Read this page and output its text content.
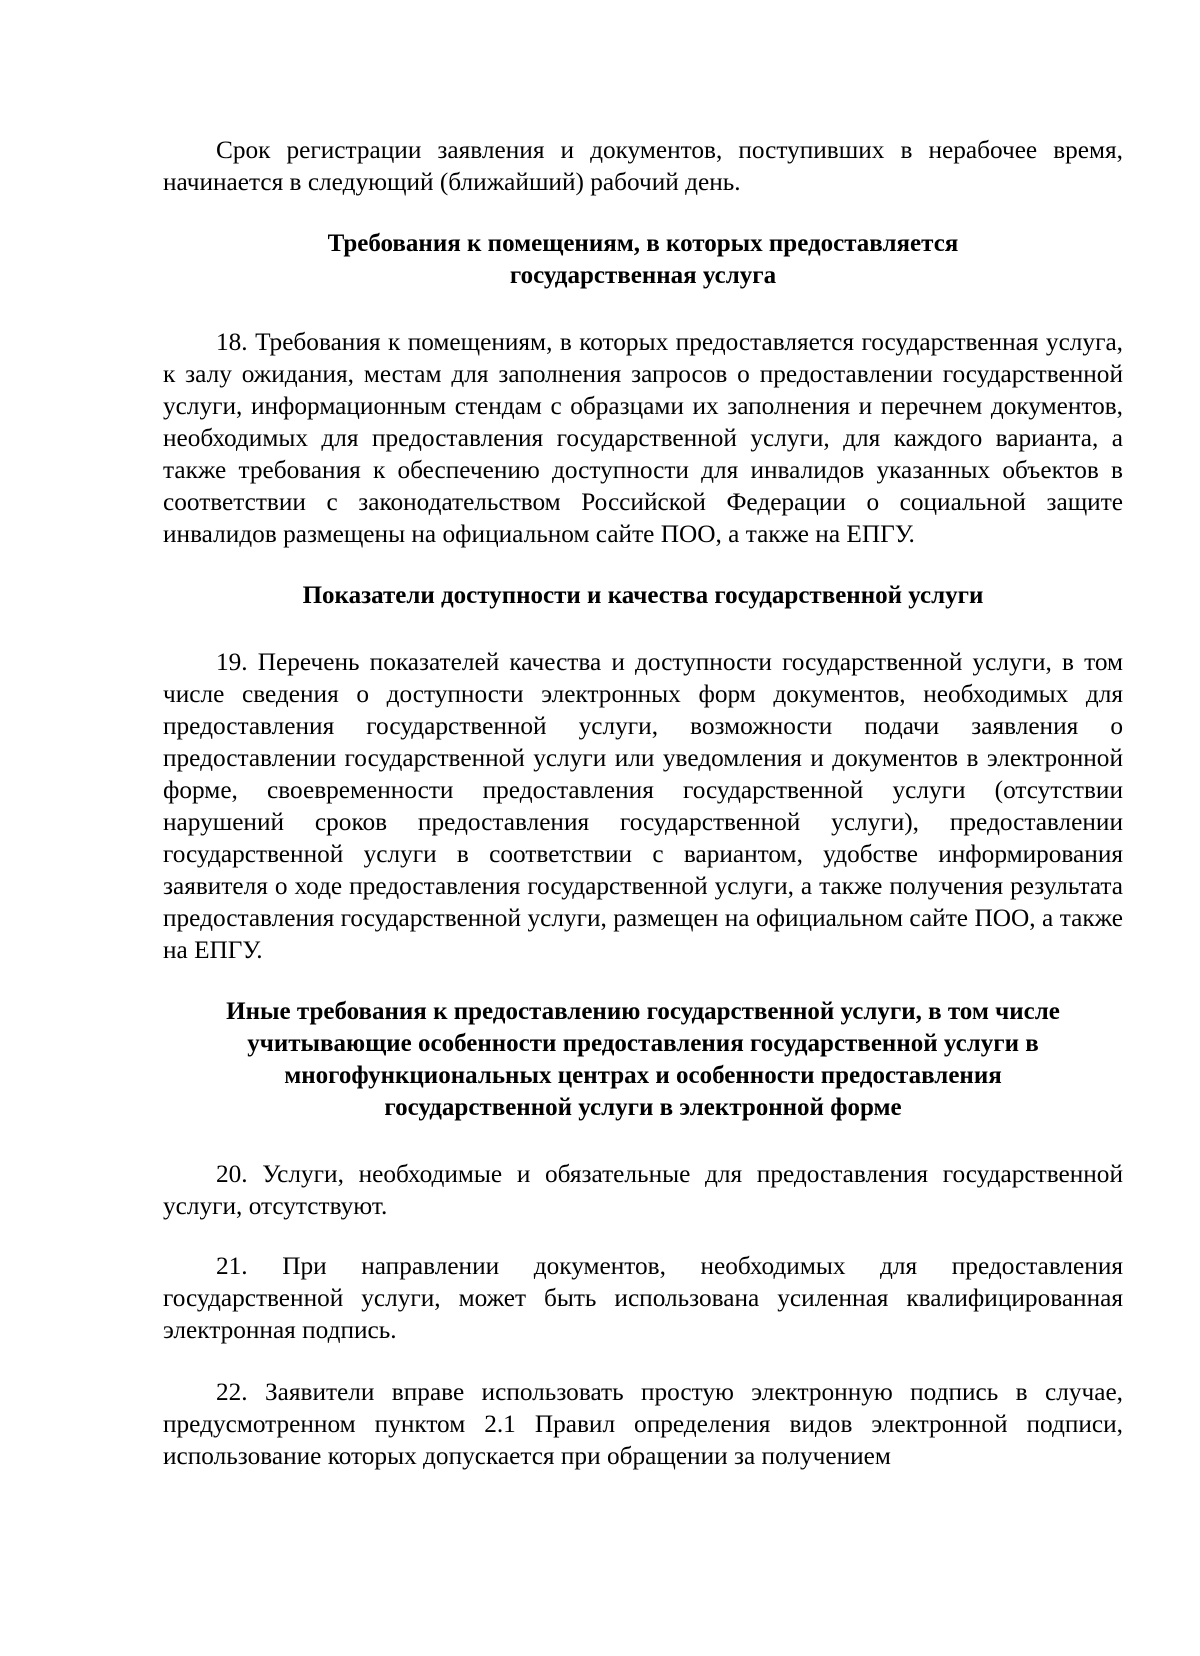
Срок регистрации заявления и документов, поступивших в нерабочее время, начинается в следующий (ближайший) рабочий день.

Требования к помещениям, в которых предоставляется
государственная услуга

18. Требования к помещениям, в которых предоставляется государственная услуга, к залу ожидания, местам для заполнения запросов о предоставлении государственной услуги, информационным стендам с образцами их заполнения и перечнем документов, необходимых для предоставления государственной услуги, для каждого варианта, а также требования к обеспечению доступности для инвалидов указанных объектов в соответствии с законодательством Российской Федерации о социальной защите инвалидов размещены на официальном сайте ПОО, а также на ЕПГУ.

Показатели доступности и качества государственной услуги

19. Перечень показателей качества и доступности государственной услуги, в том числе сведения о доступности электронных форм документов, необходимых для предоставления государственной услуги, возможности подачи заявления о предоставлении государственной услуги или уведомления и документов в электронной форме, своевременности предоставления государственной услуги (отсутствии нарушений сроков предоставления государственной услуги), предоставлении государственной услуги в соответствии с вариантом, удобстве информирования заявителя о ходе предоставления государственной услуги, а также получения результата предоставления государственной услуги, размещен на официальном сайте ПОО, а также на ЕПГУ.

Иные требования к предоставлению государственной услуги, в том числе
учитывающие особенности предоставления государственной услуги в
многофункциональных центрах и особенности предоставления
государственной услуги в электронной форме

20. Услуги, необходимые и обязательные для предоставления государственной услуги, отсутствуют.

21. При направлении документов, необходимых для предоставления государственной услуги, может быть использована усиленная квалифицированная электронная подпись.

22. Заявители вправе использовать простую электронную подпись в случае, предусмотренном пунктом 2.1 Правил определения видов электронной подписи, использование которых допускается при обращении за получением
